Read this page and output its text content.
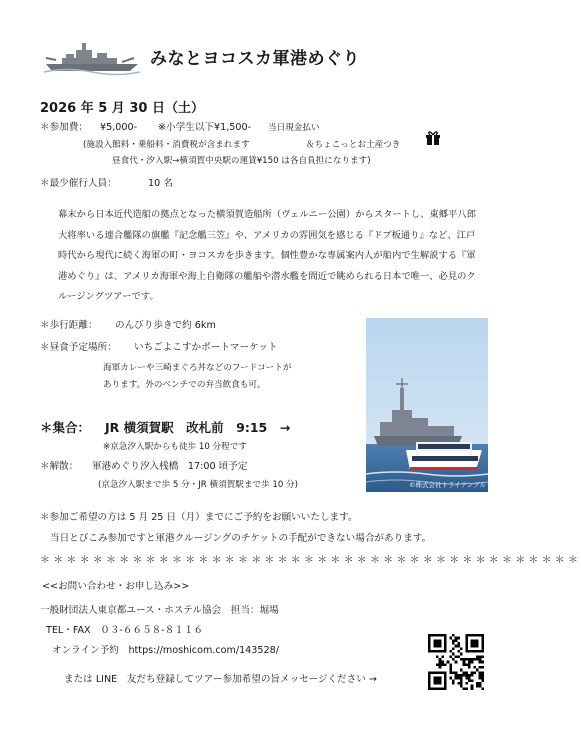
みなとヨコスカ軍港めぐり
2026 年 5 月 30 日（土）
＊参加費： ¥5,000- ※小学生以下¥1,500- 当日現金払い
(施設入館料・乗船料・消費税が含まれます	＆ちょこっとお土産つき
昼食代・汐入駅→横須賀中央駅の運賃¥150 は各自負担になります)
＊最少催行人員：	10 名
幕末から日本近代造船の拠点となった横須賀造船所（ヴェルニー公園）からスタートし、東郷平八郎大将率いる連合艦隊の旗艦『記念艦三笠』や、アメリカの雰囲気を感じる『ドブ板通り』など、江戸時代から現代に続く海軍の町・ヨコスカを歩きます。個性豊かな専属案内人が船内で生解説する『軍港めぐり』は、アメリカ海軍や海上自衛隊の艦船や潜水艦を間近で眺められる日本で唯一、必見のクルージングツアーです。
＊歩行距離： のんびり歩きで約 6km
＊昼食予定場所： いちごよこすかポートマーケット
海軍カレーや三崎まぐろ丼などのフードコートが
あります。外のベンチでの弁当飲食も可。
＊集合： JR 横須賀駅　改札前　9:15　→
※京急汐入駅からも徒歩 10 分程です
＊解散： 軍港めぐり汐入桟橋　17:00 頃予定
(京急汐入駅まで歩 5 分・JR 横須賀駅まで歩 10 分)	©株式会社トライアングル
＊参加ご希望の方は 5 月 25 日（月）までにご予約をお願いいたします。
当日とびこみ参加ですと軍港クルージングのチケットの手配ができない場合があります。
＊＊＊＊＊＊＊＊＊＊＊＊＊＊＊＊＊＊＊＊＊＊＊＊＊＊＊＊＊＊＊＊＊＊＊＊＊＊＊＊＊
<<お問い合わせ・お申し込み>>
一般財団法人東京都ユース・ホステル協会　担当：堀場
TEL・FAX　０３-６６５８-８１１６
オンライン予約　https://moshicom.com/143528/
または LINE　友だち登録してツアー参加希望の旨メッセージください →
